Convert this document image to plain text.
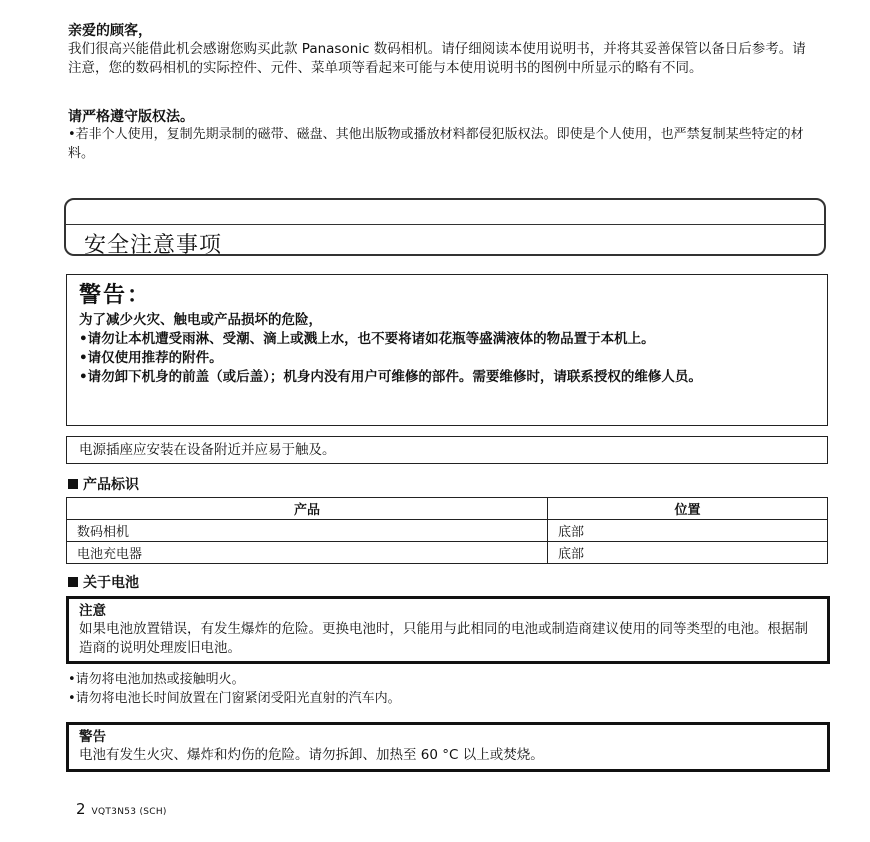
亲爱的顾客，
我们很高兴能借此机会感谢您购买此款 Panasonic 数码相机。请仔细阅读本使用说明书，并将其妥善保管以备日后参考。请注意，您的数码相机的实际控件、元件、菜单项等看起来可能与本使用说明书的图例中所显示的略有不同。
请严格遵守版权法。
•若非个人使用，复制先期录制的磁带、磁盘、其他出版物或播放材料都侵犯版权法。即使是个人使用，也严禁复制某些特定的材料。
安全注意事项
警告：
为了减少火灾、触电或产品损坏的危险，
•请勿让本机遭受雨淋、受潮、滴上或溅上水，也不要将诸如花瓶等盛满液体的物品置于本机上。
•请仅使用推荐的附件。
•请勿卸下机身的前盖（或后盖）；机身内没有用户可维修的部件。需要维修时，请联系授权的维修人员。
电源插座应安装在设备附近并应易于触及。
产品标识
产品	位置
数码相机	底部
电池充电器	底部
关于电池
注意
如果电池放置错误，有发生爆炸的危险。更换电池时，只能用与此相同的电池或制造商建议使用的同等类型的电池。根据制造商的说明处理废旧电池。
•请勿将电池加热或接触明火。
•请勿将电池长时间放置在门窗紧闭受阳光直射的汽车内。
警告
电池有发生火灾、爆炸和灼伤的危险。请勿拆卸、加热至 60 °C 以上或焚烧。
2 VQT3N53 (SCH)
